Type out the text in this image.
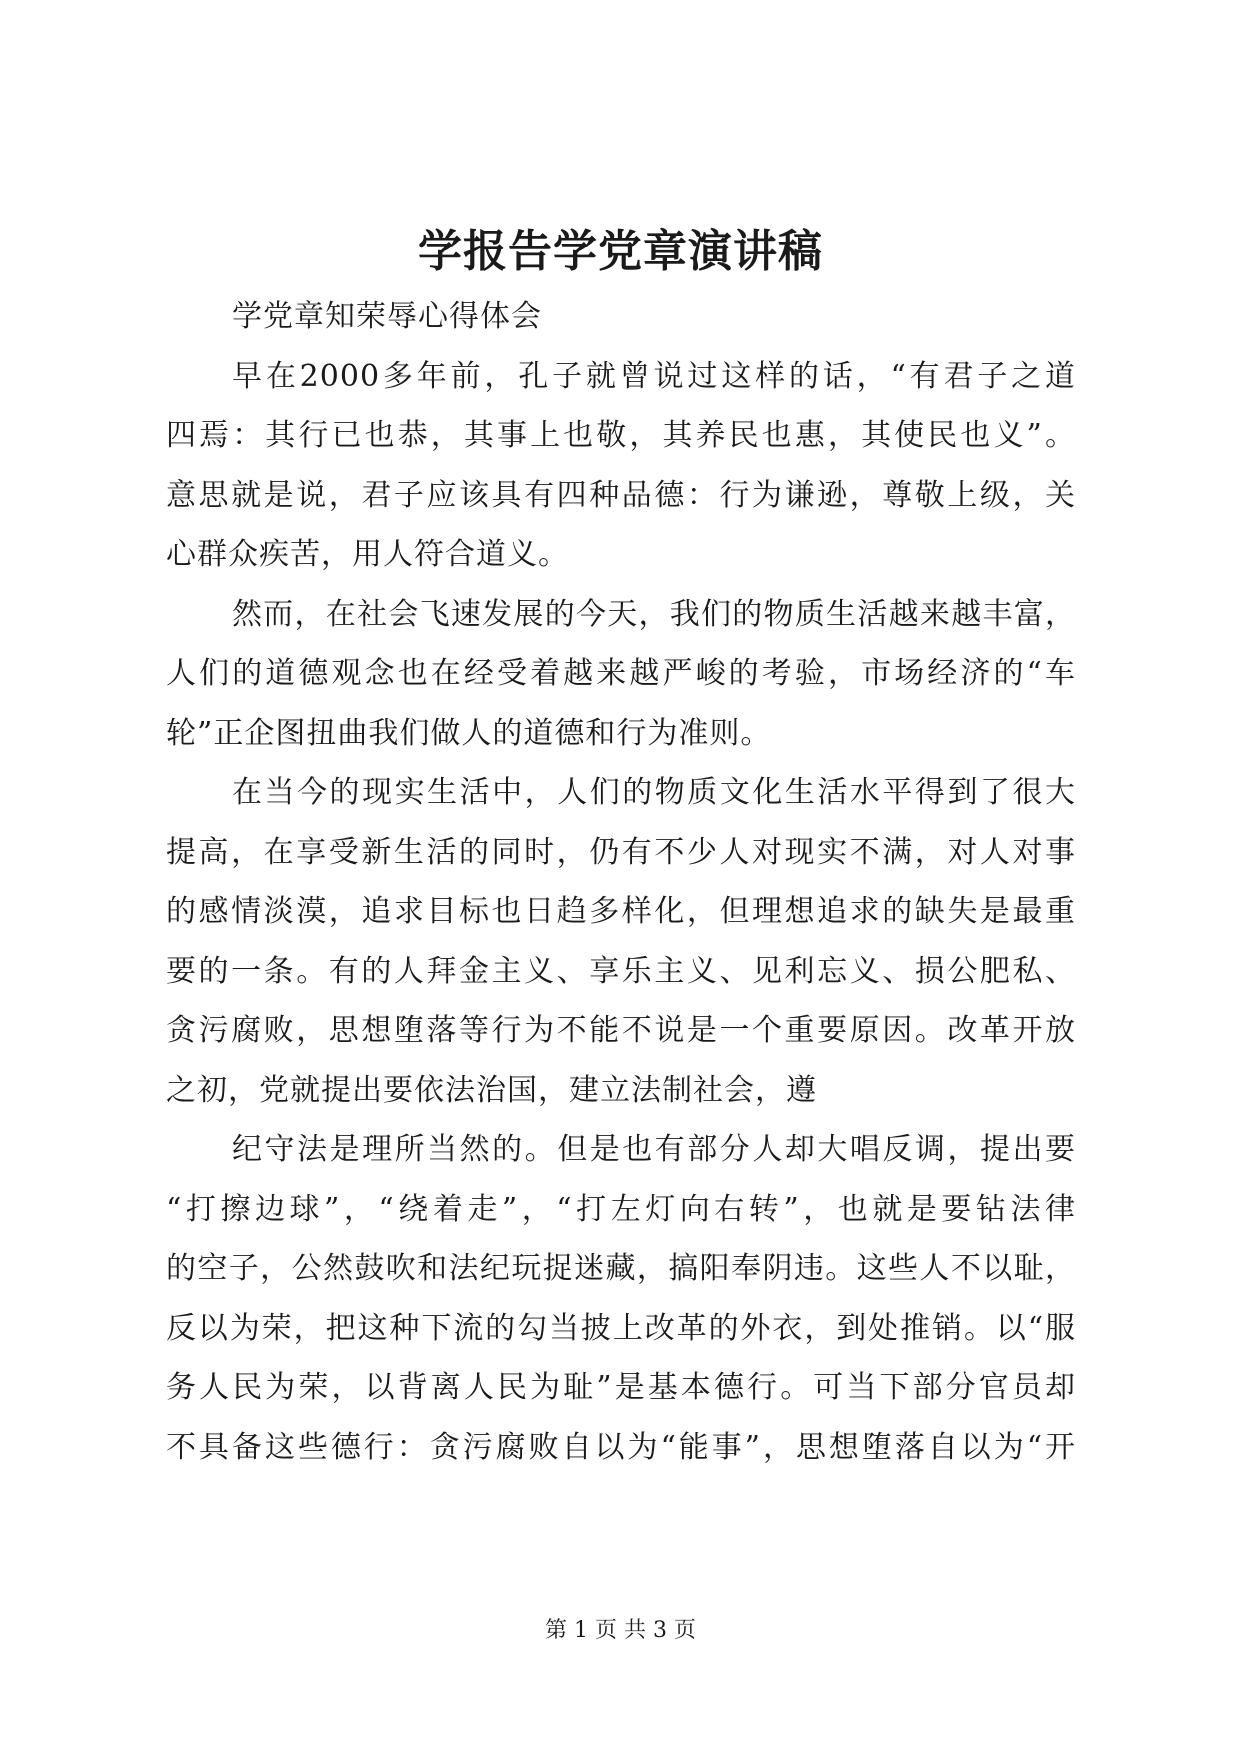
学报告学党章演讲稿
学党章知荣辱心得体会
早在2000多年前，孔子就曾说过这样的话，“有君子之道
四焉：其行已也恭，其事上也敬，其养民也惠，其使民也义”。
意思就是说，君子应该具有四种品德：行为谦逊，尊敬上级，关
心群众疾苦，用人符合道义。
然而，在社会飞速发展的今天，我们的物质生活越来越丰富，
人们的道德观念也在经受着越来越严峻的考验，市场经济的“车
轮”正企图扭曲我们做人的道德和行为准则。
在当今的现实生活中，人们的物质文化生活水平得到了很大
提高，在享受新生活的同时，仍有不少人对现实不满，对人对事
的感情淡漠，追求目标也日趋多样化，但理想追求的缺失是最重
要的一条。有的人拜金主义、享乐主义、见利忘义、损公肥私、
贪污腐败，思想堕落等行为不能不说是一个重要原因。改革开放
之初，党就提出要依法治国，建立法制社会，遵
纪守法是理所当然的。但是也有部分人却大唱反调，提出要
“打擦边球”，“绕着走”，“打左灯向右转”，也就是要钻法律
的空子，公然鼓吹和法纪玩捉迷藏，搞阳奉阴违。这些人不以耻，
反以为荣，把这种下流的勾当披上改革的外衣，到处推销。以“服
务人民为荣，以背离人民为耻”是基本德行。可当下部分官员却
不具备这些德行：贪污腐败自以为“能事”，思想堕落自以为“开
第 1 页 共 3 页
